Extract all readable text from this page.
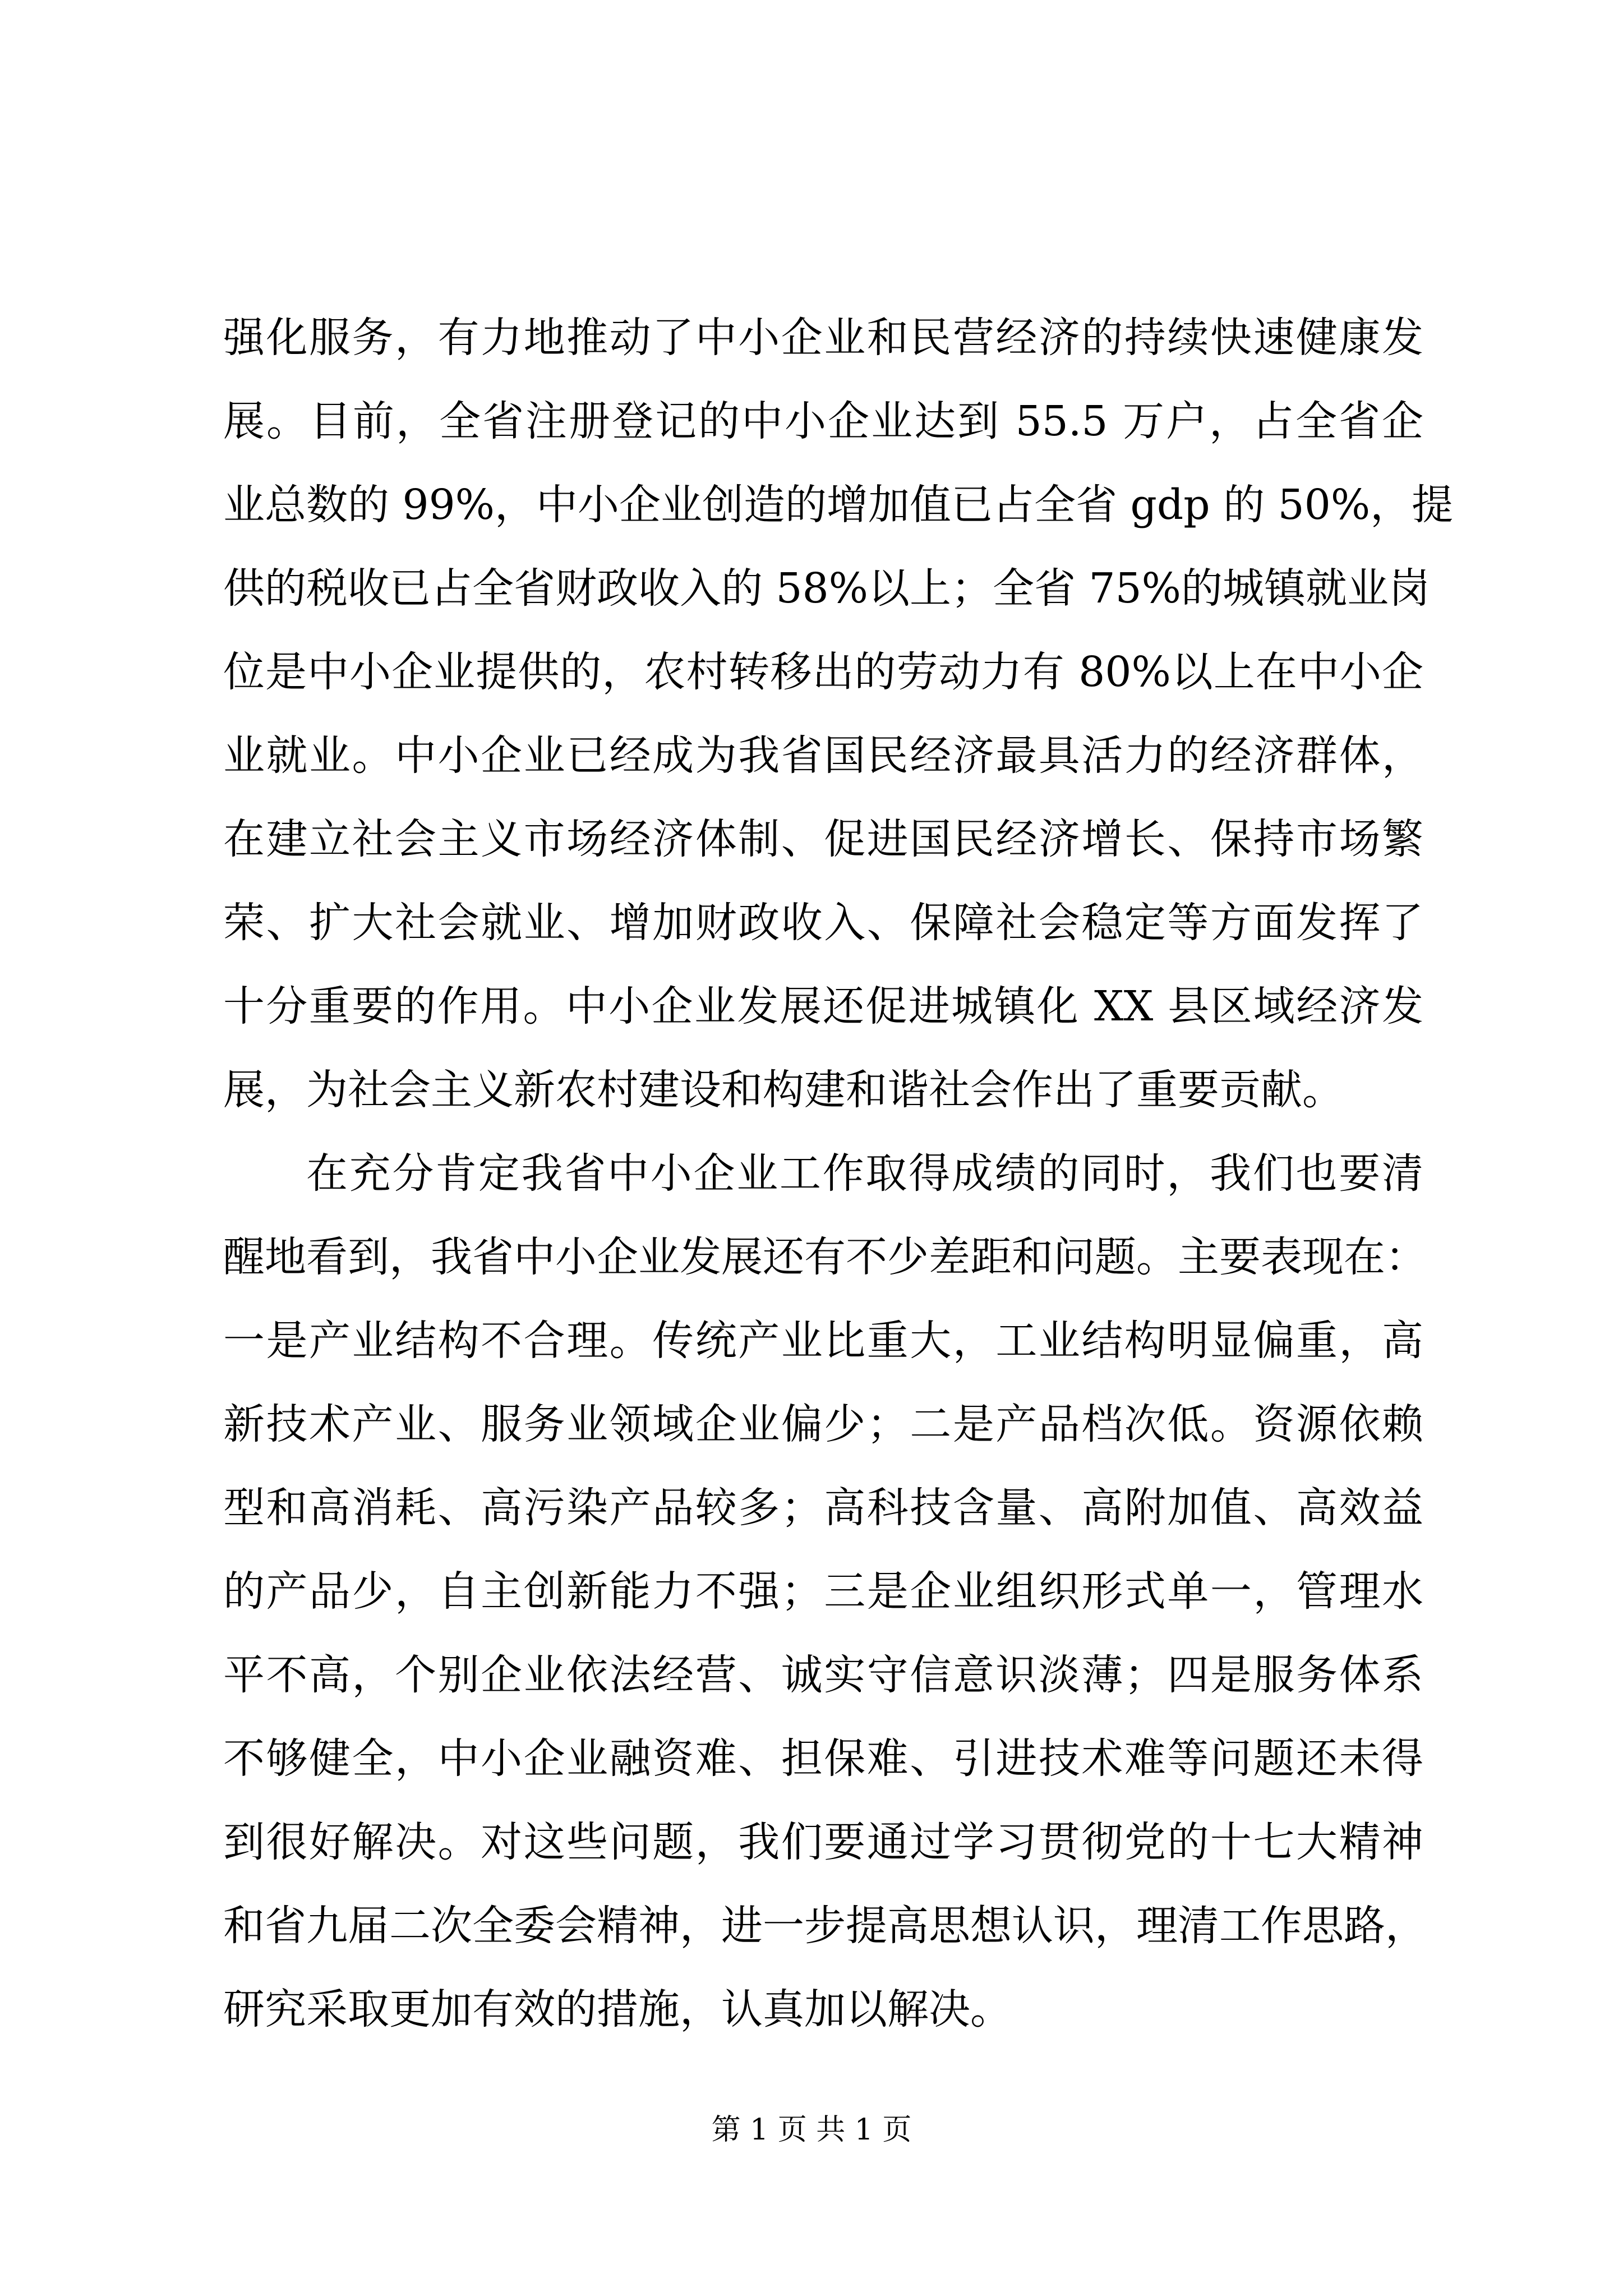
强化服务，有力地推动了中小企业和民营经济的持续快速健康发
展。目前，全省注册登记的中小企业达到 55.5 万户，占全省企
业总数的 99%，中小企业创造的增加值已占全省 gdp 的 50%，提
供的税收已占全省财政收入的 58%以上；全省 75%的城镇就业岗
位是中小企业提供的，农村转移出的劳动力有 80%以上在中小企
业就业。中小企业已经成为我省国民经济最具活力的经济群体，
在建立社会主义市场经济体制、促进国民经济增长、保持市场繁
荣、扩大社会就业、增加财政收入、保障社会稳定等方面发挥了
十分重要的作用。中小企业发展还促进城镇化 XX 县区域经济发
展，为社会主义新农村建设和构建和谐社会作出了重要贡献。
在充分肯定我省中小企业工作取得成绩的同时，我们也要清
醒地看到，我省中小企业发展还有不少差距和问题。主要表现在：
一是产业结构不合理。传统产业比重大，工业结构明显偏重，高
新技术产业、服务业领域企业偏少；二是产品档次低。资源依赖
型和高消耗、高污染产品较多；高科技含量、高附加值、高效益
的产品少，自主创新能力不强；三是企业组织形式单一，管理水
平不高，个别企业依法经营、诚实守信意识淡薄；四是服务体系
不够健全，中小企业融资难、担保难、引进技术难等问题还未得
到很好解决。对这些问题，我们要通过学习贯彻党的十七大精神
和省九届二次全委会精神，进一步提高思想认识，理清工作思路，
研究采取更加有效的措施，认真加以解决。
第 1 页 共 1 页
